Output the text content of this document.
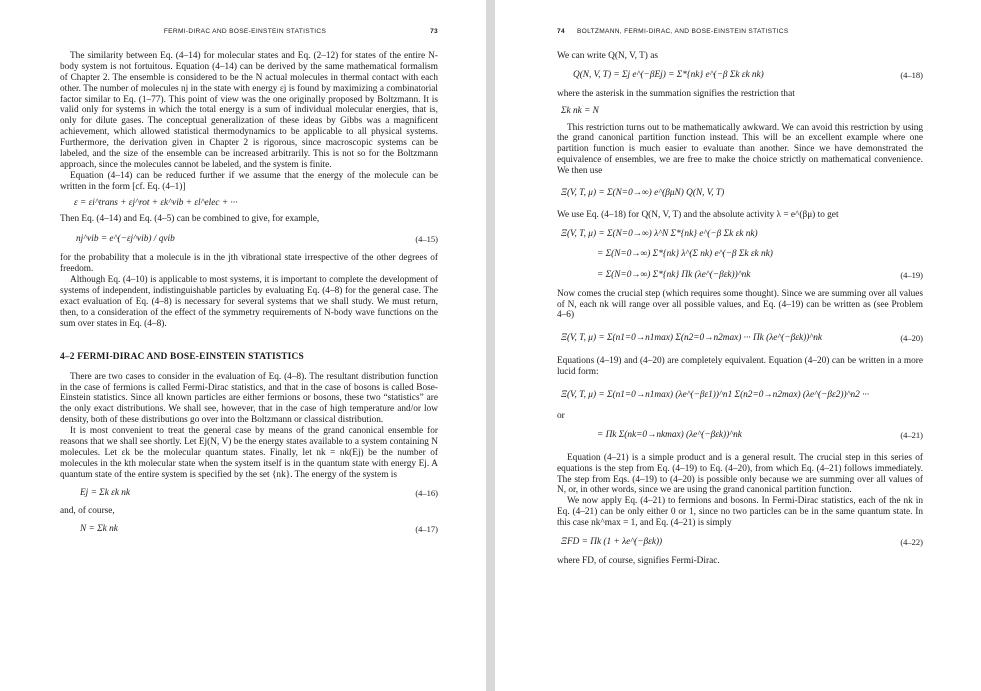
FERMI-DIRAC AND BOSE-EINSTEIN STATISTICS	73

The similarity between Eq. (4–14) for molecular states and Eq. (2–12) for states of the entire N-body system is not fortuitous. Equation (4–14) can be derived by the same mathematical formalism of Chapter 2. The ensemble is considered to be the N actual molecules in thermal contact with each other. The number of molecules nj in the state with energy εj is found by maximizing a combinatorial factor similar to Eq. (1–77). This point of view was the one originally proposed by Boltzmann. It is valid only for systems in which the total energy is a sum of individual molecular energies, that is, only for dilute gases. The conceptual generalization of these ideas by Gibbs was a magnificent achievement, which allowed statistical thermodynamics to be applicable to all physical systems. Furthermore, the derivation given in Chapter 2 is rigorous, since macroscopic systems can be labeled, and the size of the ensemble can be increased arbitrarily. This is not so for the Boltzmann approach, since the molecules cannot be labeled, and the system is finite.

Equation (4–14) can be reduced further if we assume that the energy of the molecule can be written in the form [cf. Eq. (4–1)]

ε = εi^trans + εj^rot + εk^vib + εl^elec + ···

Then Eq. (4–14) and Eq. (4–5) can be combined to give, for example,

nj^vib = e^(−εj^vib) / qvib	(4–15)

for the probability that a molecule is in the jth vibrational state irrespective of the other degrees of freedom.

Although Eq. (4–10) is applicable to most systems, it is important to complete the development of systems of independent, indistinguishable particles by evaluating Eq. (4–8) for the general case. The exact evaluation of Eq. (4–8) is necessary for several systems that we shall study. We must return, then, to a consideration of the effect of the symmetry requirements of N-body wave functions on the sum over states in Eq. (4–8).

4–2 FERMI-DIRAC AND BOSE-EINSTEIN STATISTICS

There are two cases to consider in the evaluation of Eq. (4–8). The resultant distribution function in the case of fermions is called Fermi-Dirac statistics, and that in the case of bosons is called Bose-Einstein statistics. Since all known particles are either fermions or bosons, these two “statistics” are the only exact distributions. We shall see, however, that in the case of high temperature and/or low density, both of these distributions go over into the Boltzmann or classical distribution.

It is most convenient to treat the general case by means of the grand canonical ensemble for reasons that we shall see shortly. Let Ej(N, V) be the energy states available to a system containing N molecules. Let εk be the molecular quantum states. Finally, let nk = nk(Ej) be the number of molecules in the kth molecular state when the system itself is in the quantum state with energy Ej. A quantum state of the entire system is specified by the set {nk}. The energy of the system is

Ej = Σk εk nk	(4–16)

and, of course,

N = Σk nk	(4–17)
74 BOLTZMANN, FERMI-DIRAC, AND BOSE-EINSTEIN STATISTICS

We can write Q(N, V, T) as

Q(N, V, T) = Σj e^(−βEj) = Σ*{nk} e^(−β Σk εk nk)	(4–18)

where the asterisk in the summation signifies the restriction that

Σk nk = N

This restriction turns out to be mathematically awkward. We can avoid this restriction by using the grand canonical partition function instead. This will be an excellent example where one partition function is much easier to evaluate than another. Since we have demonstrated the equivalence of ensembles, we are free to make the choice strictly on mathematical convenience. We then use

Ξ(V, T, μ) = Σ(N=0→∞) e^(βμN) Q(N, V, T)

We use Eq. (4–18) for Q(N, V, T) and the absolute activity λ = e^(βμ) to get

Ξ(V, T, μ) = Σ(N=0→∞) λ^N Σ*{nk} e^(−β Σk εk nk)
= Σ(N=0→∞) Σ*{nk} λ^(Σ nk) e^(−β Σk εk nk)
= Σ(N=0→∞) Σ*{nk} Πk (λe^(−βεk))^nk	(4–19)

Now comes the crucial step (which requires some thought). Since we are summing over all values of N, each nk will range over all possible values, and Eq. (4–19) can be written as (see Problem 4–6)

Ξ(V, T, μ) = Σ(n1=0→n1max) Σ(n2=0→n2max) ··· Πk (λe^(−βεk))^nk	(4–20)

Equations (4–19) and (4–20) are completely equivalent. Equation (4–20) can be written in a more lucid form:

Ξ(V, T, μ) = Σ(n1=0→n1max) (λe^(−βε1))^n1 Σ(n2=0→n2max) (λe^(−βε2))^n2 ···

or

= Πk Σ(nk=0→nkmax) (λe^(−βεk))^nk	(4–21)

Equation (4–21) is a simple product and is a general result. The crucial step in this series of equations is the step from Eq. (4–19) to Eq. (4–20), from which Eq. (4–21) follows immediately. The step from Eqs. (4–19) to (4–20) is possible only because we are summing over all values of N, or, in other words, since we are using the grand canonical partition function.

We now apply Eq. (4–21) to fermions and bosons. In Fermi-Dirac statistics, each of the nk in Eq. (4–21) can be only either 0 or 1, since no two particles can be in the same quantum state. In this case nk^max = 1, and Eq. (4–21) is simply

ΞFD = Πk (1 + λe^(−βεk))	(4–22)

where FD, of course, signifies Fermi-Dirac.
